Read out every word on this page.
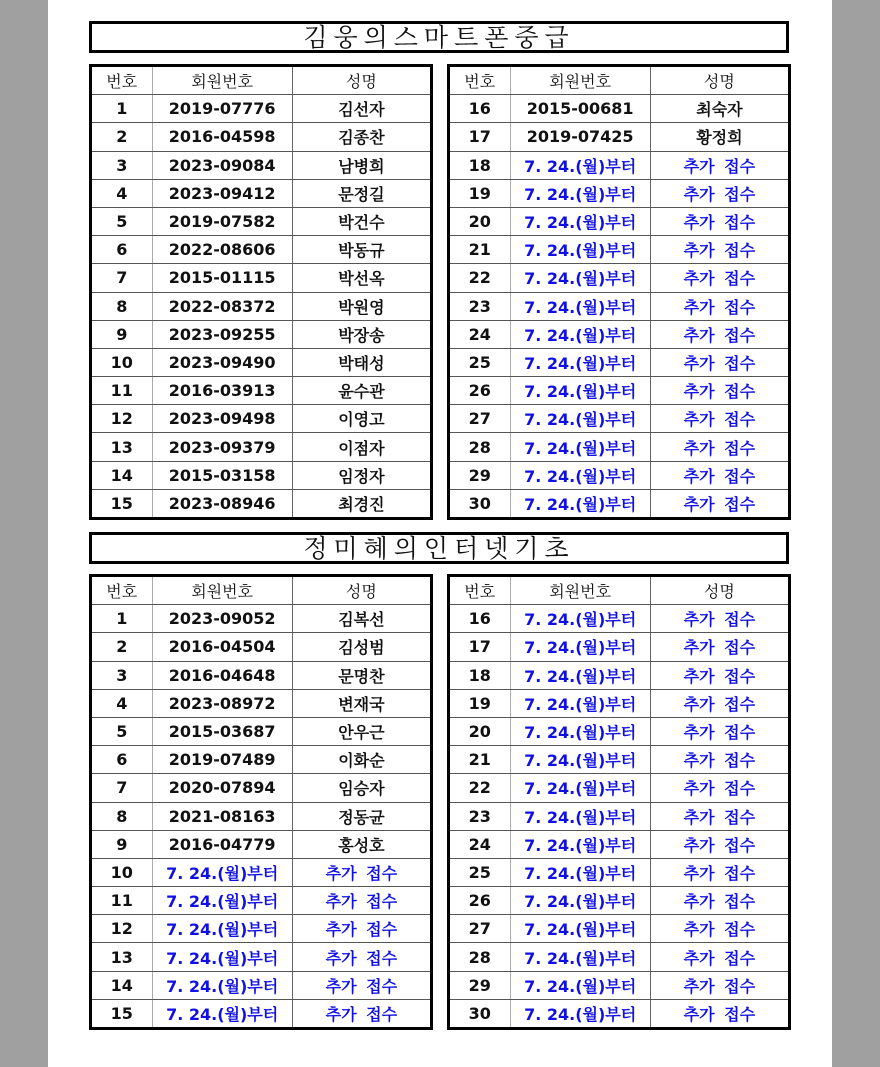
김웅의스마트폰중급
번호	회원번호	성명
1	2019-07776	김선자
2	2016-04598	김종찬
3	2023-09084	남병희
4	2023-09412	문정길
5	2019-07582	박건수
6	2022-08606	박동규
7	2015-01115	박선옥
8	2022-08372	박원영
9	2023-09255	박장송
10	2023-09490	박태성
11	2016-03913	윤수관
12	2023-09498	이영고
13	2023-09379	이점자
14	2015-03158	임정자
15	2023-08946	최경진
번호	회원번호	성명
16	2015-00681	최숙자
17	2019-07425	황정희
18	7. 24.(월)부터	추가 접수
19	7. 24.(월)부터	추가 접수
20	7. 24.(월)부터	추가 접수
21	7. 24.(월)부터	추가 접수
22	7. 24.(월)부터	추가 접수
23	7. 24.(월)부터	추가 접수
24	7. 24.(월)부터	추가 접수
25	7. 24.(월)부터	추가 접수
26	7. 24.(월)부터	추가 접수
27	7. 24.(월)부터	추가 접수
28	7. 24.(월)부터	추가 접수
29	7. 24.(월)부터	추가 접수
30	7. 24.(월)부터	추가 접수
정미혜의인터넷기초
번호	회원번호	성명
1	2023-09052	김복선
2	2016-04504	김성범
3	2016-04648	문명찬
4	2023-08972	변재국
5	2015-03687	안우근
6	2019-07489	이화순
7	2020-07894	임승자
8	2021-08163	정동균
9	2016-04779	홍성호
10	7. 24.(월)부터	추가 접수
11	7. 24.(월)부터	추가 접수
12	7. 24.(월)부터	추가 접수
13	7. 24.(월)부터	추가 접수
14	7. 24.(월)부터	추가 접수
15	7. 24.(월)부터	추가 접수
번호	회원번호	성명
16	7. 24.(월)부터	추가 접수
17	7. 24.(월)부터	추가 접수
18	7. 24.(월)부터	추가 접수
19	7. 24.(월)부터	추가 접수
20	7. 24.(월)부터	추가 접수
21	7. 24.(월)부터	추가 접수
22	7. 24.(월)부터	추가 접수
23	7. 24.(월)부터	추가 접수
24	7. 24.(월)부터	추가 접수
25	7. 24.(월)부터	추가 접수
26	7. 24.(월)부터	추가 접수
27	7. 24.(월)부터	추가 접수
28	7. 24.(월)부터	추가 접수
29	7. 24.(월)부터	추가 접수
30	7. 24.(월)부터	추가 접수
